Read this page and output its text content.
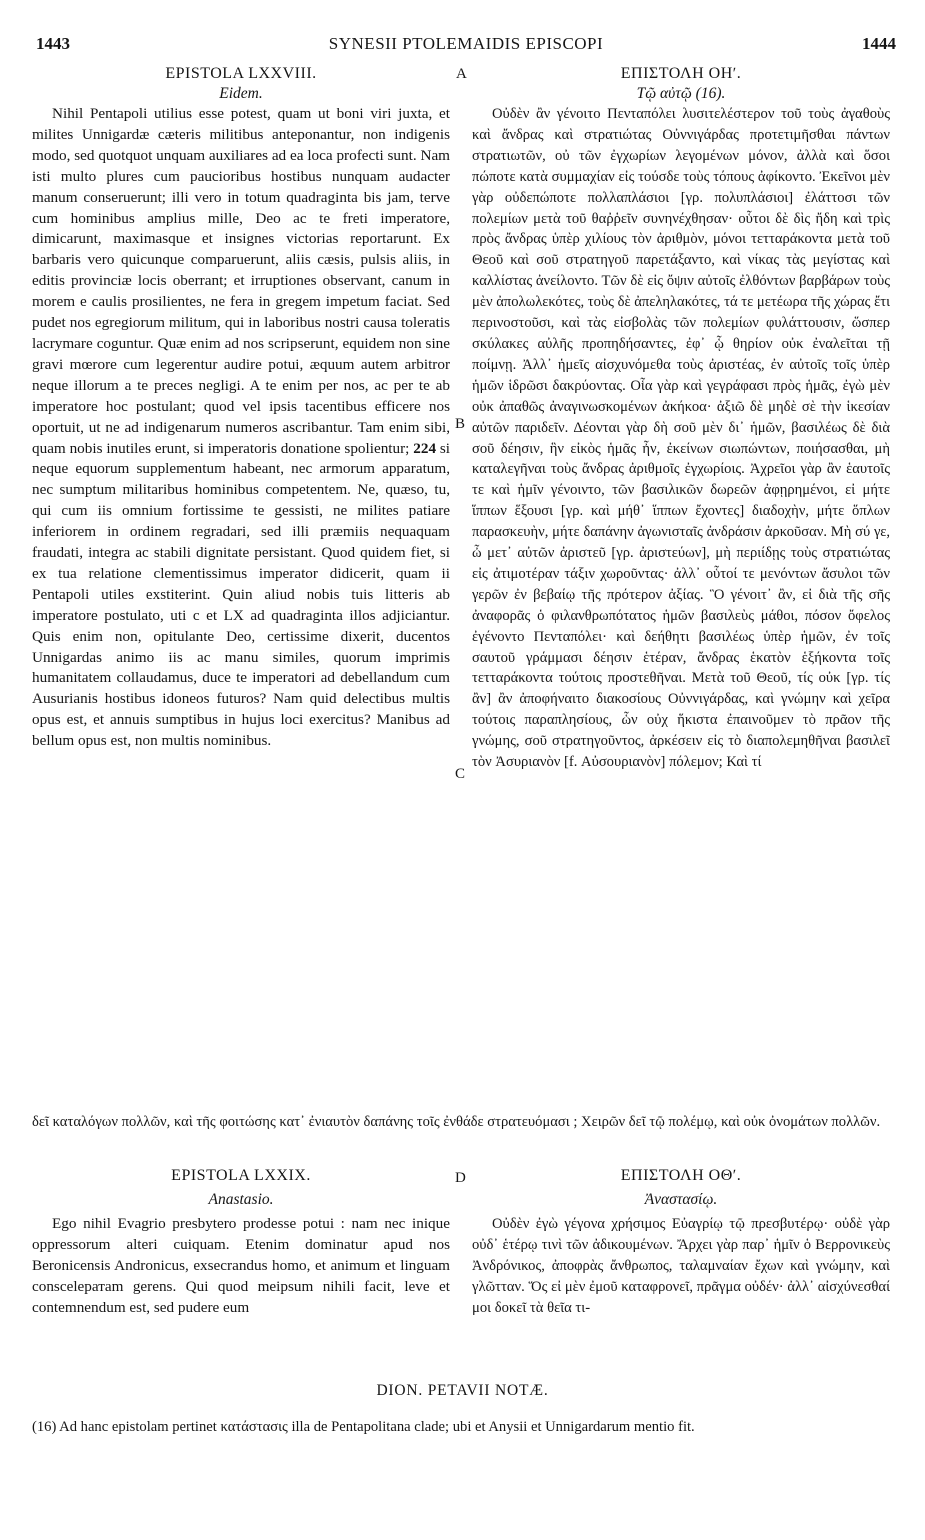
1443	SYNESII PTOLEMAIDIS EPISCOPI	1444
EPISTOLA LXXVIII.
Eidem.

Nihil Pentapoli utilius esse potest, quam ut boni viri juxta, et milites Unnigardæ cæteris militibus anteponantur, non indigenis modo, sed quotquot unquam auxiliares ad ea loca profecti sunt. Nam isti multo plures cum paucioribus hostibus nunquam audacter manum conseruerunt; illi vero in totum quadraginta bis jam, terve cum hominibus amplius mille, Deo ac te freti imperatore, dimicarunt, maximasque et insignes victorias reportarunt. Ex barbaris vero quicunque comparuerunt, aliis cæsis, pulsis aliis, in editis provinciæ locis oberrant; et irruptiones observant, canum in morem e caulis prosilientes, ne fera in gregem impetum faciat. Sed pudet nos egregiorum militum, qui in laboribus nostri causa toleratis lacrymare coguntur. Quæ enim ad nos scripserunt, equidem non sine gravi mœrore cum legerentur audire potui, æquum autem arbitror neque illorum a te preces negligi. A te enim per nos, ac per te ab imperatore hoc postulant; quod vel ipsis tacentibus efficere nos oportuit, ut ne ad indigenarum numeros ascribantur. Tam enim sibi, quam nobis inutiles erunt, si imperatoris donatione spolientur; 224 si neque equorum supplementum habeant, nec armorum apparatum, nec sumptum militaribus hominibus competentem. Ne, quæso, tu, qui cum iis omnium fortissime te gessisti, ne milites patiare inferiorem in ordinem regradari, sed illi præmiis nequaquam fraudati, integra ac stabili dignitate persistant. Quod quidem fiet, si ex tua relatione clementissimus imperator didicerit, quam ii Pentapoli utiles exstiterint. Quin aliud nobis tuis litteris ab imperatore postulato, uti c et LX ad quadraginta illos adjiciantur. Quis enim non, opitulante Deo, certissime dixerit, ducentos Unnigardas animo iis ac manu similes, quorum imprimis humanitatem collaudamus, duce te imperatori ad debellandum cum Ausurianis hostibus idoneos futuros? Nam quid delectibus multis opus est, et annuis sumptibus in hujus loci exercitus? Manibus ad bellum opus est, non multis nominibus.

ΕΠΙΣΤΟΛΗ ΟΗʹ.
Τῷ αὐτῷ (16).

Οὐδὲν ἂν γένοιτο Πενταπόλει λυσιτελέστερον τοῦ τοὺς ἀγαθοὺς καὶ ἄνδρας καὶ στρατιώτας Οὐννιγάρδας προτετιμῆσθαι πάντων στρατιωτῶν, οὐ τῶν ἐγχωρίων λεγομένων μόνον, ἀλλὰ καὶ ὅσοι πώποτε κατὰ συμμαχίαν εἰς τούσδε τοὺς τόπους ἀφίκοντο. Ἐκεῖνοι μὲν γὰρ οὐδεπώποτε πολλαπλάσιοι [γρ. πολυπλάσιοι] ἐλάττοσι τῶν πολεμίων μετὰ τοῦ θαῤῥεῖν συνηνέχθησαν· οὗτοι δὲ δὶς ἤδη καὶ τρὶς πρὸς ἄνδρας ὑπὲρ χιλίους τὸν ἀριθμὸν, μόνοι τετταράκοντα μετὰ τοῦ Θεοῦ καὶ σοῦ στρατηγοῦ παρετάξαντο, καὶ νίκας τὰς μεγίστας καὶ καλλίστας ἀνείλοντο. Τῶν δὲ εἰς ὄψιν αὐτοῖς ἐλθόντων βαρβάρων τοὺς μὲν ἀπολωλεκότες, τοὺς δὲ ἀπεληλακότες, τά τε μετέωρα τῆς χώρας ἔτι περινοστοῦσι, καὶ τὰς εἰσβολὰς τῶν πολεμίων φυλάττουσιν, ὥσπερ σκύλακες αὐλῆς προπηδήσαντες, ἐφ᾽ ᾧ θηρίον οὐκ ἐναλεῖται τῇ ποίμνῃ. Ἀλλ᾽ ἡμεῖς αἰσχυνόμεθα τοὺς ἀριστέας, ἐν αὐτοῖς τοῖς ὑπὲρ ἡμῶν ἱδρῶσι δακρύοντας. Οἷα γὰρ καὶ γεγράφασι πρὸς ἡμᾶς, ἐγὼ μὲν οὐκ ἀπαθῶς ἀναγινωσκομένων ἀκήκοα· ἀξιῶ δὲ μηδὲ σὲ τὴν ἱκεσίαν αὐτῶν παριδεῖν. Δέονται γὰρ δὴ σοῦ μὲν δι᾽ ἡμῶν, βασιλέως δὲ διὰ σοῦ δέησιν, ἣν εἰκὸς ἡμᾶς ἦν, ἐκείνων σιωπώντων, ποιήσασθαι, μὴ καταλεγῆναι τοὺς ἄνδρας ἀριθμοῖς ἐγχωρίοις. Ἀχρεῖοι γὰρ ἂν ἑαυτοῖς τε καὶ ἡμῖν γένοιντο, τῶν βασιλικῶν δωρεῶν ἀφῃρημένοι, εἰ μήτε ἵππων ἕξουσι [γρ. καὶ μήθ᾽ ἵππων ἔχοντες] διαδοχὴν, μήτε ὅπλων παρασκευὴν, μήτε δαπάνην ἀγωνισταῖς ἀνδράσιν ἀρκοῦσαν. Μὴ σύ γε, ὦ μετ᾽ αὐτῶν ἀριστεῦ [γρ. ἀριστεύων], μὴ περιίδῃς τοὺς στρατιώτας εἰς ἀτιμοτέραν τάξιν χωροῦντας· ἀλλ᾽ οὗτοί τε μενόντων ἄσυλοι τῶν γερῶν ἐν βεβαίῳ τῆς πρότερον ἀξίας. Ὃ γένοιτ᾽ ἂν, εἰ διὰ τῆς σῆς ἀναφορᾶς ὁ φιλανθρωπότατος ἡμῶν βασιλεὺς μάθοι, πόσον ὄφελος ἐγένοντο Πενταπόλει· καὶ δεήθητι βασιλέως ὑπὲρ ἡμῶν, ἐν τοῖς σαυτοῦ γράμμασι δέησιν ἑτέραν, ἄνδρας ἑκατὸν ἑξήκοντα τοῖς τετταράκοντα τούτοις προστεθῆναι. Μετὰ τοῦ Θεοῦ, τίς οὐκ [γρ. τίς ἂν] ἂν ἀποφήναιτο διακοσίους Οὐννιγάρδας, καὶ γνώμην καὶ χεῖρα τούτοις παραπλησίους, ὧν οὐχ ἥκιστα ἐπαινοῦμεν τὸ πρᾶον τῆς γνώμης, σοῦ στρατηγοῦντος, ἀρκέσειν εἰς τὸ διαπολεμηθῆναι βασιλεῖ τὸν Ἀσυριανὸν [f. Αὐσουριανὸν] πόλεμον; Καὶ τί

A
B
C
D
δεῖ καταλόγων πολλῶν, καὶ τῆς φοιτώσης κατ᾽ ἐνιαυτὸν δαπάνης τοῖς ἐνθάδε στρατευόμασι ; Χειρῶν δεῖ τῷ πολέμῳ, καὶ οὐκ ὀνομάτων πολλῶν.
EPISTOLA LXXIX.
Anastasio.

Ego nihil Evagrio presbytero prodesse potui : nam nec inique oppressorum alteri cuiquam. Etenim dominatur apud nos Beronicensis Andronicus, exsecrandus homo, et animum et linguam conscelератam gerens. Qui quod meipsum nihili facit, leve et contemnendum est, sed pudere eum

ΕΠΙΣΤΟΛΗ ΟΘʹ.
Ἀναστασίῳ.

Οὐδὲν ἐγὼ γέγονα χρήσιμος Εὐαγρίῳ τῷ πρεσβυτέρῳ· οὐδὲ γὰρ οὐδ᾽ ἑτέρῳ τινὶ τῶν ἀδικουμένων. Ἄρχει γὰρ παρ᾽ ἡμῖν ὁ Βερρονικεὺς Ἀνδρόνικος, ἀποφρὰς ἄνθρωπος, ταλαμναίαν ἔχων καὶ γνώμην, καὶ γλῶτταν. Ὅς εἰ μὲν ἐμοῦ καταφρονεῖ, πρᾶγμα οὐδέν· ἀλλ᾽ αἰσχύνεσθαί μοι δοκεῖ τὰ θεῖα τι-

DION. PETAVII NOTÆ.
(16) Ad hanc epistolam pertinet κατάστασις illa de Pentapolitana clade; ubi et Anysii et Unnigardarum mentio fit.
